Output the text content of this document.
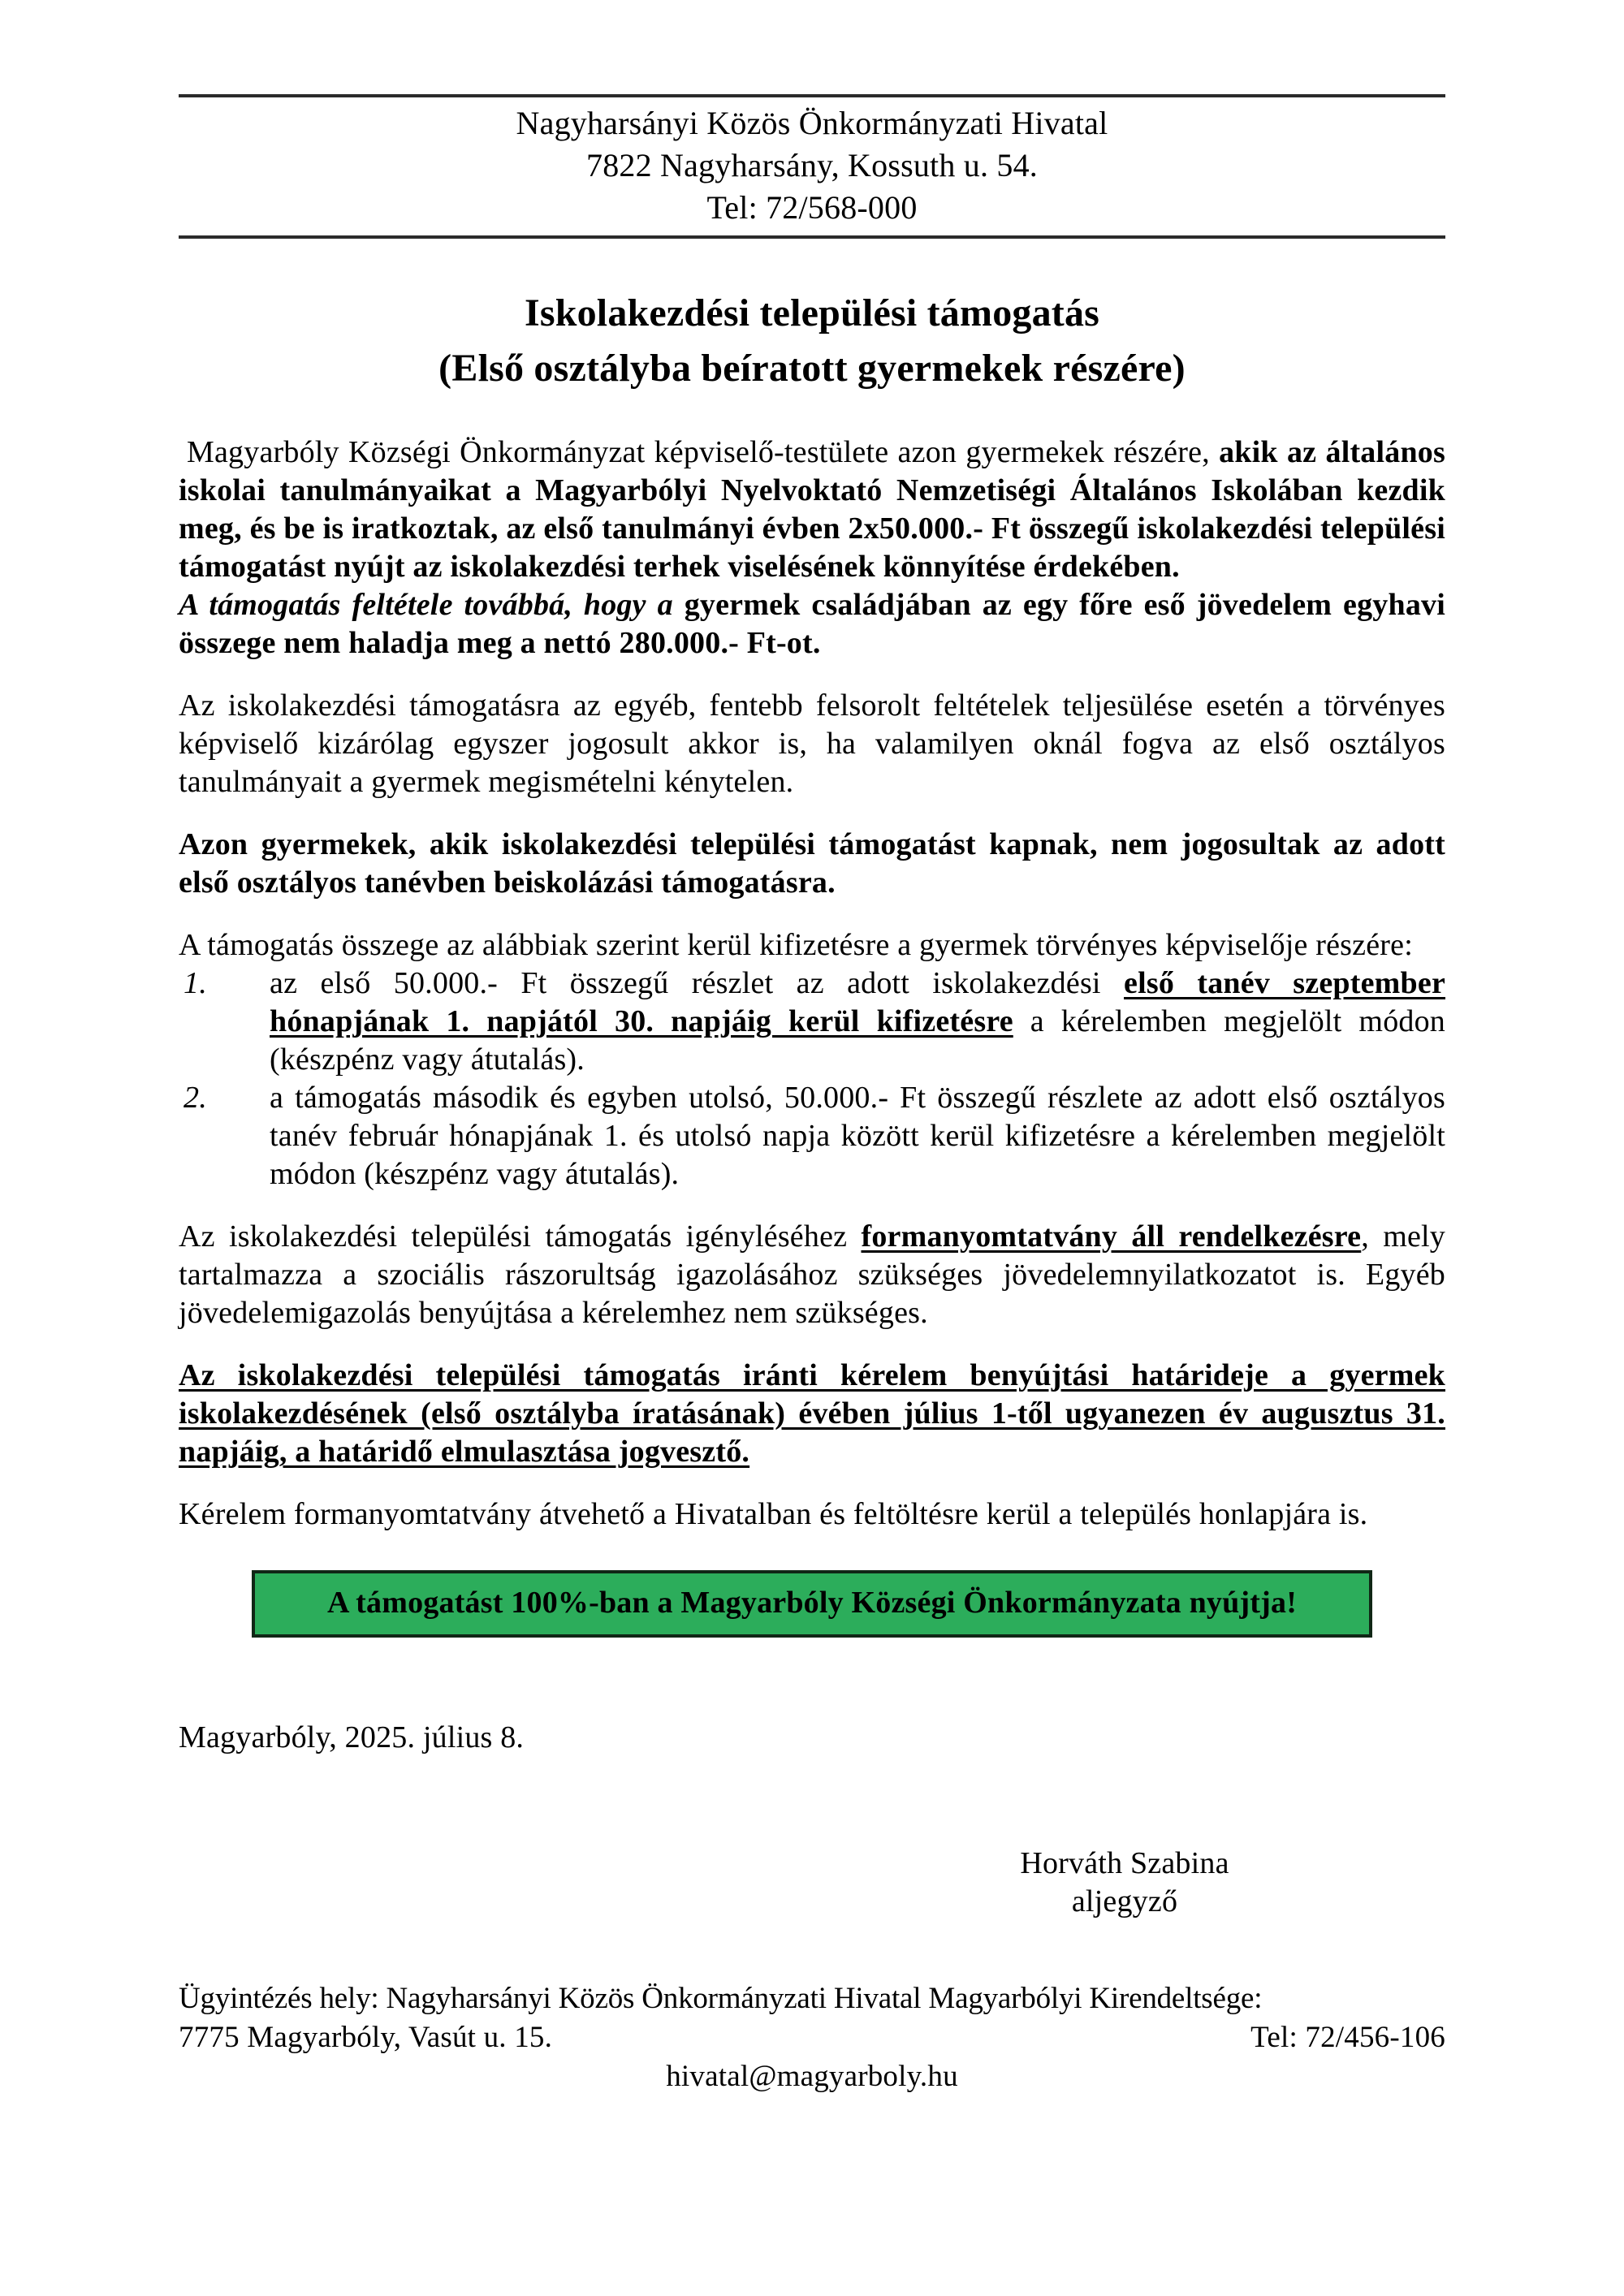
Nagyharsányi Közös Önkormányzati Hivatal
7822 Nagyharsány, Kossuth u. 54.
Tel: 72/568-000
Iskolakezdési települési támogatás
(Első osztályba beíratott gyermekek részére)

Magyarbóly Községi Önkormányzat képviselő-testülete azon gyermekek részére, akik az általános iskolai tanulmányaikat a Magyarbólyi Nyelvoktató Nemzetiségi Általános Iskolában kezdik meg, és be is iratkoztak, az első tanulmányi évben 2x50.000.- Ft összegű iskolakezdési települési támogatást nyújt az iskolakezdési terhek viselésének könnyítése érdekében.

A támogatás feltétele továbbá, hogy a gyermek családjában az egy főre eső jövedelem egyhavi összege nem haladja meg a nettó 280.000.- Ft-ot.

Az iskolakezdési támogatásra az egyéb, fentebb felsorolt feltételek teljesülése esetén a törvényes képviselő kizárólag egyszer jogosult akkor is, ha valamilyen oknál fogva az első osztályos tanulmányait a gyermek megismételni kénytelen.

Azon gyermekek, akik iskolakezdési települési támogatást kapnak, nem jogosultak az adott első osztályos tanévben beiskolázási támogatásra.

A támogatás összege az alábbiak szerint kerül kifizetésre a gyermek törvényes képviselője részére:

1.	az első 50.000.- Ft összegű részlet az adott iskolakezdési első tanév szeptember hónapjának 1. napjától 30. napjáig kerül kifizetésre a kérelemben megjelölt módon (készpénz vagy átutalás).
2.	a támogatás második és egyben utolsó, 50.000.- Ft összegű részlete az adott első osztályos tanév február hónapjának 1. és utolsó napja között kerül kifizetésre a kérelemben megjelölt módon (készpénz vagy átutalás).

Az iskolakezdési települési támogatás igényléséhez formanyomtatvány áll rendelkezésre, mely tartalmazza a szociális rászorultság igazolásához szükséges jövedelemnyilatkozatot is. Egyéb jövedelemigazolás benyújtása a kérelemhez nem szükséges.

Az iskolakezdési települési támogatás iránti kérelem benyújtási határideje a gyermek iskolakezdésének (első osztályba íratásának) évében július 1-től ugyanezen év augusztus 31. napjáig, a határidő elmulasztása jogvesztő.

Kérelem formanyomtatvány átvehető a Hivatalban és feltöltésre kerül a település honlapjára is.

A támogatást 100%-ban a Magyarbóly Községi Önkormányzata nyújtja!
Magyarbóly, 2025. július 8.
Horváth Szabina
aljegyző
Ügyintézés hely: Nagyharsányi Közös Önkormányzati Hivatal Magyarbólyi Kirendeltsége:
7775 Magyarbóly, Vasút u. 15.	Tel: 72/456-106
hivatal@magyarboly.hu
